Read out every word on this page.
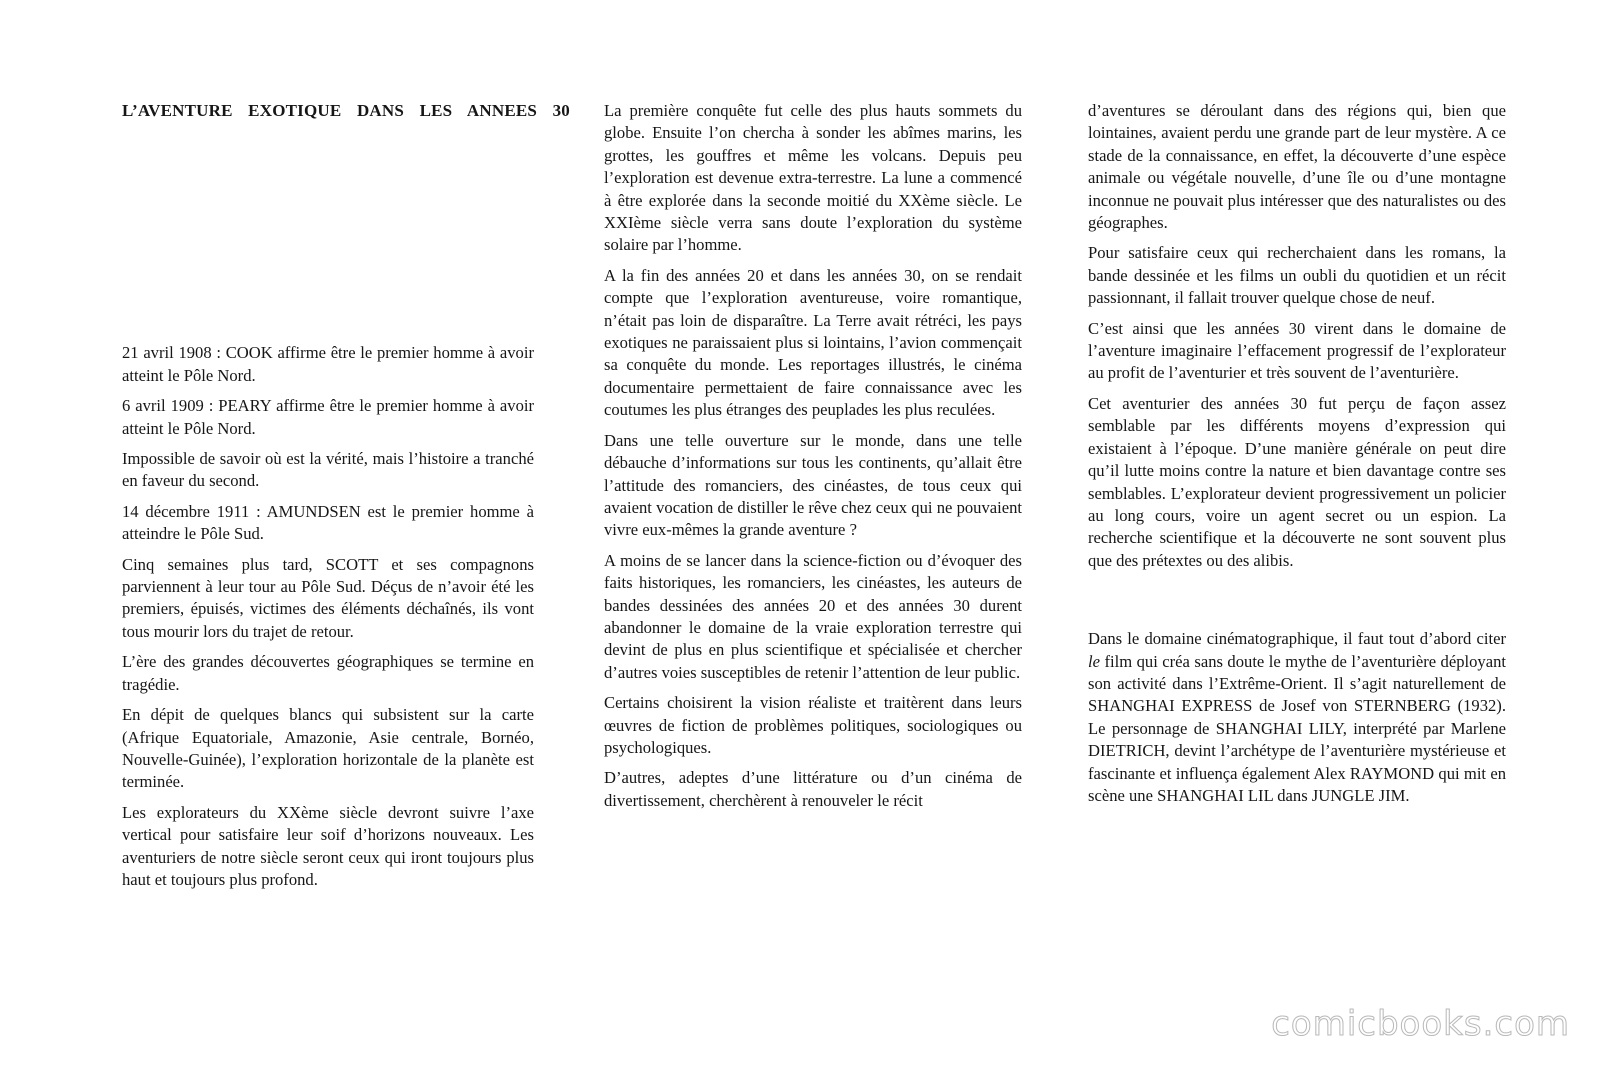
L’AVENTURE EXOTIQUE DANS LES ANNEES 30

21 avril 1908 : COOK affirme être le premier homme à avoir atteint le Pôle Nord.

6 avril 1909 : PEARY affirme être le premier homme à avoir atteint le Pôle Nord.

Impossible de savoir où est la vérité, mais l’histoire a tranché en faveur du second.

14 décembre 1911 : AMUNDSEN est le premier homme à atteindre le Pôle Sud.

Cinq semaines plus tard, SCOTT et ses compagnons parviennent à leur tour au Pôle Sud. Déçus de n’avoir été les premiers, épuisés, victimes des éléments déchaînés, ils vont tous mourir lors du trajet de retour.

L’ère des grandes découvertes géographiques se termine en tragédie.

En dépit de quelques blancs qui subsistent sur la carte (Afrique Equatoriale, Amazonie, Asie centrale, Bornéo, Nouvelle-Guinée), l’exploration horizontale de la planète est terminée.

Les explorateurs du XXème siècle devront suivre l’axe vertical pour satisfaire leur soif d’horizons nouveaux. Les aventuriers de notre siècle seront ceux qui iront toujours plus haut et toujours plus profond.

La première conquête fut celle des plus hauts sommets du globe. Ensuite l’on chercha à sonder les abîmes marins, les grottes, les gouffres et même les volcans. Depuis peu l’exploration est devenue extra-terrestre. La lune a commencé à être explorée dans la seconde moitié du XXème siècle. Le XXIème siècle verra sans doute l’exploration du système solaire par l’homme.

A la fin des années 20 et dans les années 30, on se rendait compte que l’exploration aventureuse, voire romantique, n’était pas loin de disparaître. La Terre avait rétréci, les pays exotiques ne paraissaient plus si lointains, l’avion commençait sa conquête du monde. Les reportages illustrés, le cinéma documentaire permettaient de faire connaissance avec les coutumes les plus étranges des peuplades les plus reculées.

Dans une telle ouverture sur le monde, dans une telle débauche d’informations sur tous les continents, qu’allait être l’attitude des romanciers, des cinéastes, de tous ceux qui avaient vocation de distiller le rêve chez ceux qui ne pouvaient vivre eux-mêmes la grande aventure ?

A moins de se lancer dans la science-fiction ou d’évoquer des faits historiques, les romanciers, les cinéastes, les auteurs de bandes dessinées des années 20 et des années 30 durent abandonner le domaine de la vraie exploration terrestre qui devint de plus en plus scientifique et spécialisée et chercher d’autres voies susceptibles de retenir l’attention de leur public.

Certains choisirent la vision réaliste et traitèrent dans leurs œuvres de fiction de problèmes politiques, sociologiques ou psychologiques.

D’autres, adeptes d’une littérature ou d’un cinéma de divertissement, cherchèrent à renouveler le récit

d’aventures se déroulant dans des régions qui, bien que lointaines, avaient perdu une grande part de leur mystère. A ce stade de la connaissance, en effet, la découverte d’une espèce animale ou végétale nouvelle, d’une île ou d’une montagne inconnue ne pouvait plus intéresser que des naturalistes ou des géographes.

Pour satisfaire ceux qui recherchaient dans les romans, la bande dessinée et les films un oubli du quotidien et un récit passionnant, il fallait trouver quelque chose de neuf.

C’est ainsi que les années 30 virent dans le domaine de l’aventure imaginaire l’effacement progressif de l’explorateur au profit de l’aventurier et très souvent de l’aventurière.

Cet aventurier des années 30 fut perçu de façon assez semblable par les différents moyens d’expression qui existaient à l’époque. D’une manière générale on peut dire qu’il lutte moins contre la nature et bien davantage contre ses semblables. L’explorateur devient progressivement un policier au long cours, voire un agent secret ou un espion. La recherche scientifique et la découverte ne sont souvent plus que des prétextes ou des alibis.

Dans le domaine cinématographique, il faut tout d’abord citer le film qui créa sans doute le mythe de l’aventurière déployant son activité dans l’Extrême-Orient. Il s’agit naturellement de SHANGHAI EXPRESS de Josef von STERNBERG (1932). Le personnage de SHANGHAI LILY, interprété par Marlene DIETRICH, devint l’archétype de l’aventurière mystérieuse et fascinante et influença également Alex RAYMOND qui mit en scène une SHANGHAI LIL dans JUNGLE JIM.

comicbooks.com
